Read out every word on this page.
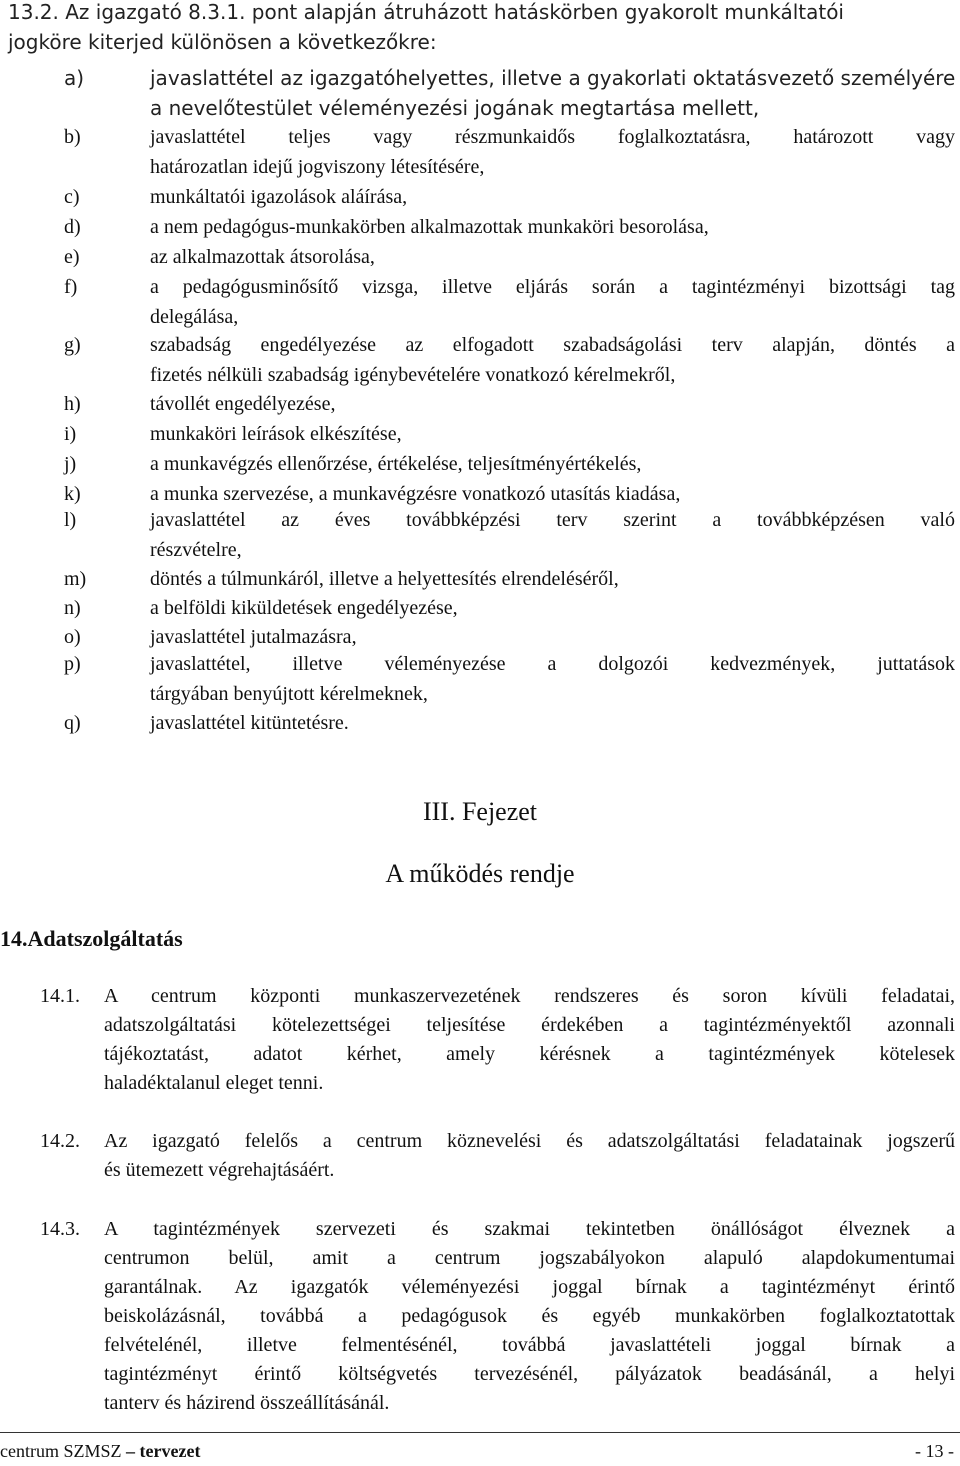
13.2. Az igazgató 8.3.1. pont alapján átruházott hatáskörben gyakorolt munkáltatói
jogköre kiterjed különösen a következőkre:
a)	javaslattétel az igazgatóhelyettes, illetve a gyakorlati oktatásvezető személyére
a nevelőtestület véleményezési jogának megtartása mellett,
b)	javaslattétel teljes vagy részmunkaidős foglalkoztatásra, határozott vagy
határozatlan idejű jogviszony létesítésére,
c)	munkáltatói igazolások aláírása,
d)	a nem pedagógus-munkakörben alkalmazottak munkaköri besorolása,
e)	az alkalmazottak átsorolása,
f)	a pedagógusminősítő vizsga, illetve eljárás során a tagintézményi bizottsági tag
delegálása,
g)	szabadság engedélyezése az elfogadott szabadságolási terv alapján, döntés a
fizetés nélküli szabadság igénybevételére vonatkozó kérelmekről,
h)	távollét engedélyezése,
i)	munkaköri leírások elkészítése,
j)	a munkavégzés ellenőrzése, értékelése, teljesítményértékelés,
k)	a munka szervezése, a munkavégzésre vonatkozó utasítás kiadása,
l)	javaslattétel az éves továbbképzési terv szerint a továbbképzésen való
részvételre,
m)	döntés a túlmunkáról, illetve a helyettesítés elrendeléséről,
n)	a belföldi kiküldetések engedélyezése,
o)	javaslattétel jutalmazásra,
p)	javaslattétel, illetve véleményezése a dolgozói kedvezmények, juttatások
tárgyában benyújtott kérelmeknek,
q)	javaslattétel kitüntetésre.
III. Fejezet
A működés rendje
14.Adatszolgáltatás
14.1. A centrum központi munkaszervezetének rendszeres és soron kívüli feladatai,
adatszolgáltatási kötelezettségei teljesítése érdekében a tagintézményektől azonnali
tájékoztatást, adatot kérhet, amely kérésnek a tagintézmények kötelesek
haladéktalanul eleget tenni.
14.2. Az igazgató felelős a centrum köznevelési és adatszolgáltatási feladatainak jogszerű
és ütemezett végrehajtásáért.
14.3. A tagintézmények szervezeti és szakmai tekintetben önállóságot élveznek a
centrumon belül, amit a centrum jogszabályokon alapuló alapdokumentumai
garantálnak. Az igazgatók véleményezési joggal bírnak a tagintézményt érintő
beiskolázásnál, továbbá a pedagógusok és egyéb munkakörben foglalkoztatottak
felvételénél, illetve felmentésénél, továbbá javaslattételi joggal bírnak a
tagintézményt érintő költségvetés tervezésénél, pályázatok beadásánál, a helyi
tanterv és házirend összeállításánál.
centrum SZMSZ – tervezet	- 13 -
